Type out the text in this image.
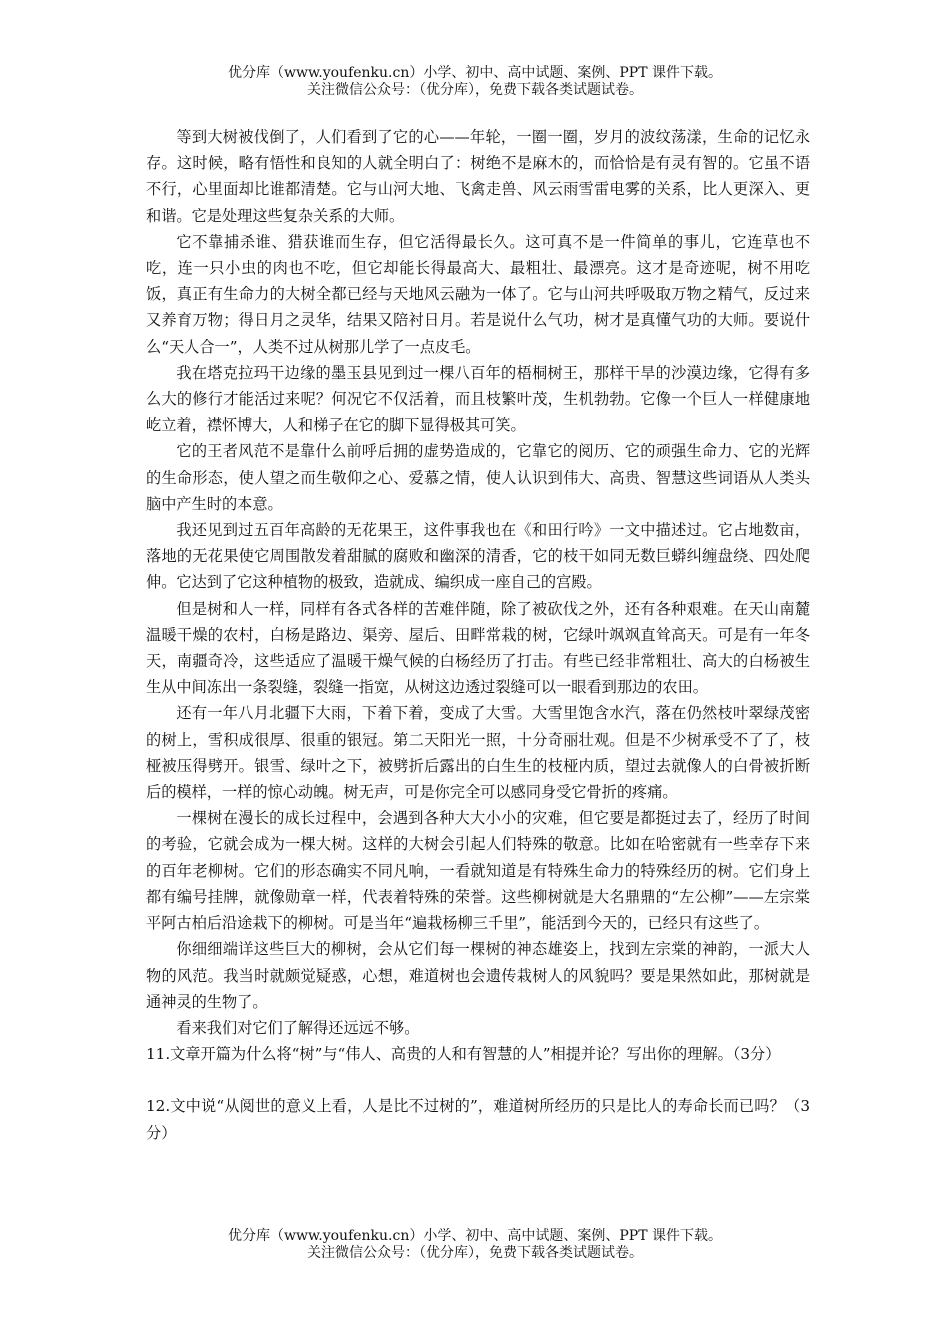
优分库（www.youfenku.cn）小学、初中、高中试题、案例、PPT 课件下载。
关注微信公众号：（优分库），免费下载各类试题试卷。

等到大树被伐倒了，人们看到了它的心——年轮，一圈一圈，岁月的波纹荡漾，生命的记忆永存。这时候，略有悟性和良知的人就全明白了：树绝不是麻木的，而恰恰是有灵有智的。它虽不语不行，心里面却比谁都清楚。它与山河大地、飞禽走兽、风云雨雪雷电雾的关系，比人更深入、更和谐。它是处理这些复杂关系的大师。

它不靠捕杀谁、猎获谁而生存，但它活得最长久。这可真不是一件简单的事儿，它连草也不吃，连一只小虫的肉也不吃，但它却能长得最高大、最粗壮、最漂亮。这才是奇迹呢，树不用吃饭，真正有生命力的大树全都已经与天地风云融为一体了。它与山河共呼吸取万物之精气，反过来又养育万物；得日月之灵华，结果又陪衬日月。若是说什么气功，树才是真懂气功的大师。要说什么“天人合一”，人类不过从树那儿学了一点皮毛。

我在塔克拉玛干边缘的墨玉县见到过一棵八百年的梧桐树王，那样干旱的沙漠边缘，它得有多么大的修行才能活过来呢？何况它不仅活着，而且枝繁叶茂，生机勃勃。它像一个巨人一样健康地屹立着，襟怀博大，人和梯子在它的脚下显得极其可笑。

它的王者风范不是靠什么前呼后拥的虚势造成的，它靠它的阅历、它的顽强生命力、它的光辉的生命形态，使人望之而生敬仰之心、爱慕之情，使人认识到伟大、高贵、智慧这些词语从人类头脑中产生时的本意。

我还见到过五百年高龄的无花果王，这件事我也在《和田行吟》一文中描述过。它占地数亩，落地的无花果使它周围散发着甜腻的腐败和幽深的清香，它的枝干如同无数巨蟒纠缠盘绕、四处爬伸。它达到了它这种植物的极致，造就成、编织成一座自己的宫殿。

但是树和人一样，同样有各式各样的苦难伴随，除了被砍伐之外，还有各种艰难。在天山南麓温暖干燥的农村，白杨是路边、渠旁、屋后、田畔常栽的树，它绿叶飒飒直耸高天。可是有一年冬天，南疆奇冷，这些适应了温暖干燥气候的白杨经历了打击。有些已经非常粗壮、高大的白杨被生生从中间冻出一条裂缝，裂缝一指宽，从树这边透过裂缝可以一眼看到那边的农田。

还有一年八月北疆下大雨，下着下着，变成了大雪。大雪里饱含水汽，落在仍然枝叶翠绿茂密的树上，雪积成很厚、很重的银冠。第二天阳光一照，十分奇丽壮观。但是不少树承受不了了，枝桠被压得劈开。银雪、绿叶之下，被劈折后露出的白生生的枝桠内质，望过去就像人的白骨被折断后的模样，一样的惊心动魄。树无声，可是你完全可以感同身受它骨折的疼痛。

一棵树在漫长的成长过程中，会遇到各种大大小小的灾难，但它要是都挺过去了，经历了时间的考验，它就会成为一棵大树。这样的大树会引起人们特殊的敬意。比如在哈密就有一些幸存下来的百年老柳树。它们的形态确实不同凡响，一看就知道是有特殊生命力的特殊经历的树。它们身上都有编号挂牌，就像勋章一样，代表着特殊的荣誉。这些柳树就是大名鼎鼎的“左公柳”——左宗棠平阿古柏后沿途栽下的柳树。可是当年“遍栽杨柳三千里”，能活到今天的，已经只有这些了。

你细细端详这些巨大的柳树，会从它们每一棵树的神态雄姿上，找到左宗棠的神韵，一派大人物的风范。我当时就颇觉疑惑，心想，难道树也会遗传栽树人的风貌吗？要是果然如此，那树就是通神灵的生物了。

看来我们对它们了解得还远远不够。

11.文章开篇为什么将“树”与“伟人、高贵的人和有智慧的人”相提并论？写出你的理解。（3分）
12.文中说“从阅世的意义上看，人是比不过树的”，难道树所经历的只是比人的寿命长而已吗？（3分）
优分库（www.youfenku.cn）小学、初中、高中试题、案例、PPT 课件下载。
关注微信公众号：（优分库），免费下载各类试题试卷。
